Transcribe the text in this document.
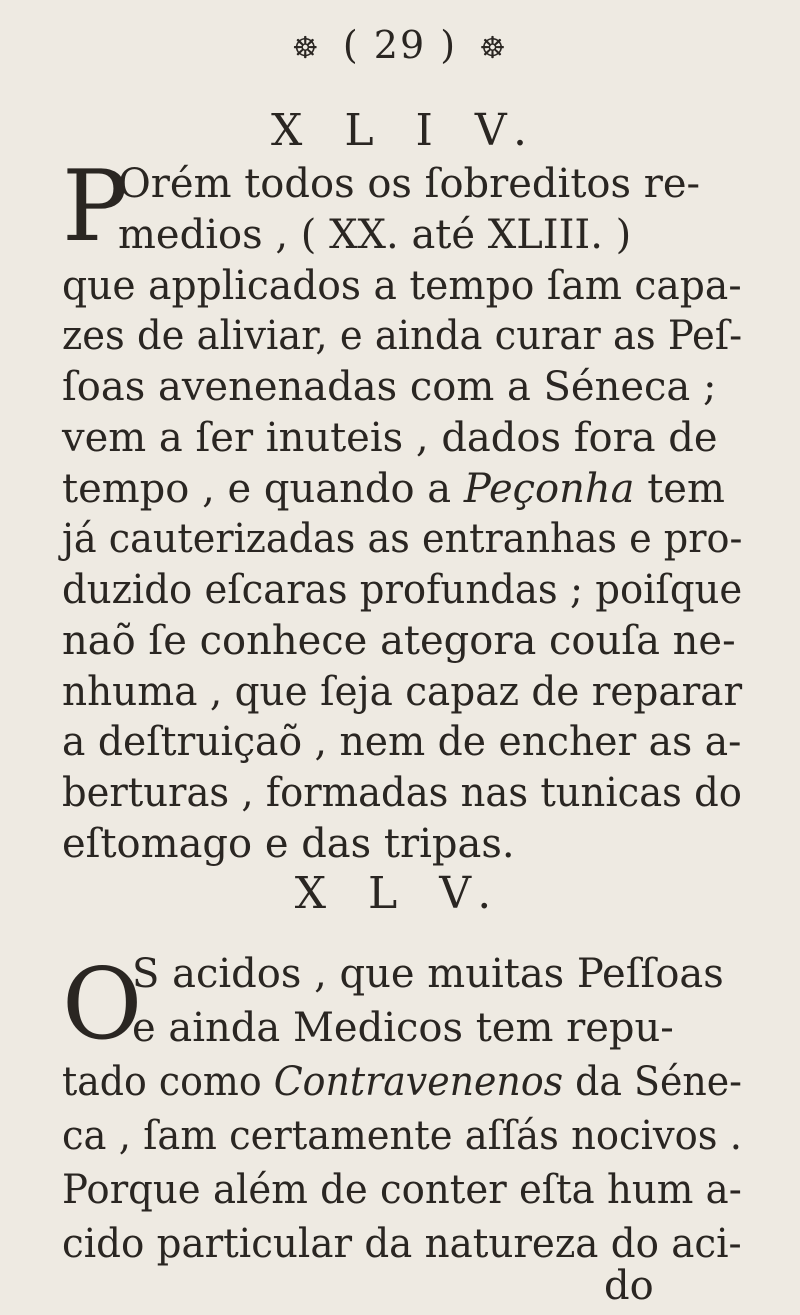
☸ ( 29 ) ☸
X L I V.
P
Orém todos os ſobreditos re-
medios , ( XX. até XLIII. )
que applicados a tempo ſam capa-
zes de aliviar, e ainda curar as Peſ-
ſoas avenenadas com a Séneca ;
vem a ſer inuteis , dados fora de
tempo , e quando a Peçonha tem
já cauterizadas as entranhas e pro-
duzido eſcaras profundas ; poiſque
naõ ſe conhece ategora couſa ne-
nhuma , que ſeja capaz de reparar
a deſtruiçaõ , nem de encher as a-
berturas , formadas nas tunicas do
X L V.
O
S acidos , que muitas Peſſoas
e ainda Medicos tem repu-
tado como Contravenenos da Séne-
ca , ſam certamente aſſás nocivos .
Porque além de conter eſta hum a-
cido particular da natureza do aci-
do
eſtomago e das tripas.
